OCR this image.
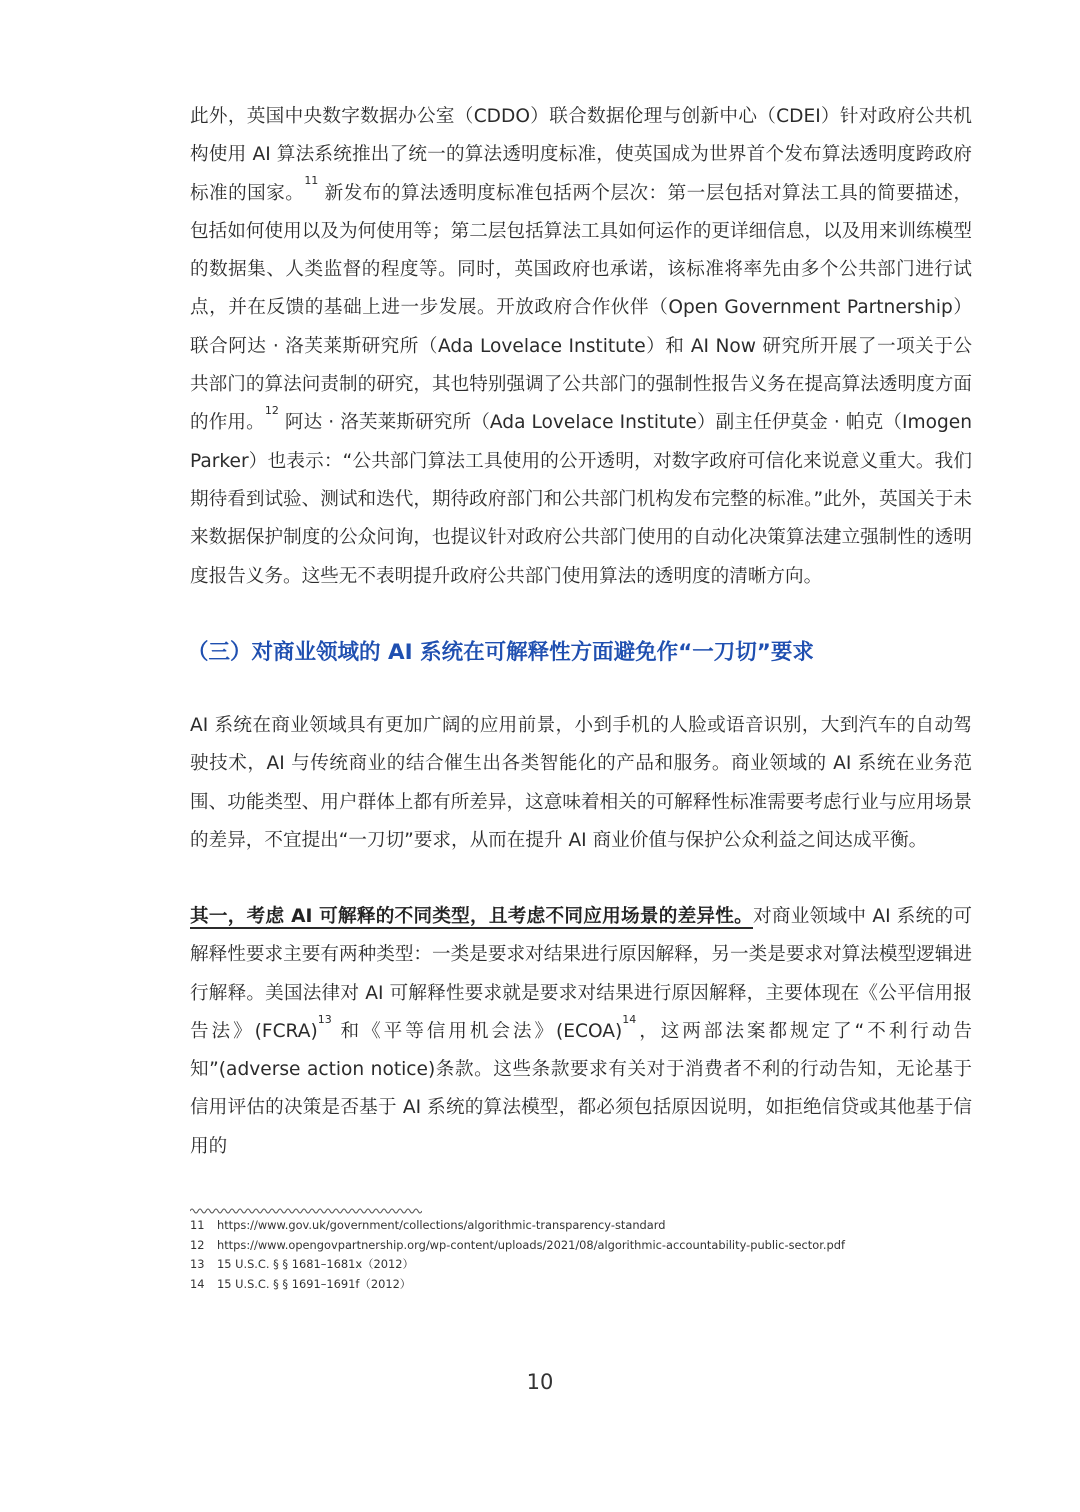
此外，英国中央数字数据办公室（CDDO）联合数据伦理与创新中心（CDEI）针对政府公共机构使用 AI 算法系统推出了统一的算法透明度标准，使英国成为世界首个发布算法透明度跨政府标准的国家。$^{11}$ 新发布的算法透明度标准包括两个层次：第一层包括对算法工具的简要描述，包括如何使用以及为何使用等；第二层包括算法工具如何运作的更详细信息，以及用来训练模型的数据集、人类监督的程度等。同时，英国政府也承诺，该标准将率先由多个公共部门进行试点，并在反馈的基础上进一步发展。开放政府合作伙伴（Open Government Partnership）联合阿达 · 洛芙莱斯研究所（Ada Lovelace Institute）和 AI Now 研究所开展了一项关于公共部门的算法问责制的研究，其也特别强调了公共部门的强制性报告义务在提高算法透明度方面的作用。$^{12}$ 阿达 · 洛芙莱斯研究所（Ada Lovelace Institute）副主任伊莫金 · 帕克（Imogen Parker）也表示：“公共部门算法工具使用的公开透明，对数字政府可信化来说意义重大。我们期待看到试验、测试和迭代，期待政府部门和公共部门机构发布完整的标准。”此外，英国关于未来数据保护制度的公众问询，也提议针对政府公共部门使用的自动化决策算法建立强制性的透明度报告义务。这些无不表明提升政府公共部门使用算法的透明度的清晰方向。

（三）对商业领域的 AI 系统在可解释性方面避免作“一刀切”要求

AI 系统在商业领域具有更加广阔的应用前景，小到手机的人脸或语音识别，大到汽车的自动驾驶技术，AI 与传统商业的结合催生出各类智能化的产品和服务。商业领域的 AI 系统在业务范围、功能类型、用户群体上都有所差异，这意味着相关的可解释性标准需要考虑行业与应用场景的差异，不宜提出“一刀切”要求，从而在提升 AI 商业价值与保护公众利益之间达成平衡。

其一，考虑 AI 可解释的不同类型，且考虑不同应用场景的差异性。对商业领域中 AI 系统的可解释性要求主要有两种类型：一类是要求对结果进行原因解释，另一类是要求对算法模型逻辑进行解释。美国法律对 AI 可解释性要求就是要求对结果进行原因解释，主要体现在《公平信用报告法》(FCRA)$^{13}$ 和《平等信用机会法》(ECOA)$^{14}$，这两部法案都规定了“不利行动告知”(adverse action notice)条款。这些条款要求有关对于消费者不利的行动告知，无论基于信用评估的决策是否基于 AI 系统的算法模型，都必须包括原因说明，如拒绝信贷或其他基于信用的

11	https://www.gov.uk/government/collections/algorithmic-transparency-standard
12	https://www.opengovpartnership.org/wp-content/uploads/2021/08/algorithmic-accountability-public-sector.pdf
13	15 U.S.C. § § 1681–1681x（2012）
14	15 U.S.C. § § 1691–1691f（2012）
10
